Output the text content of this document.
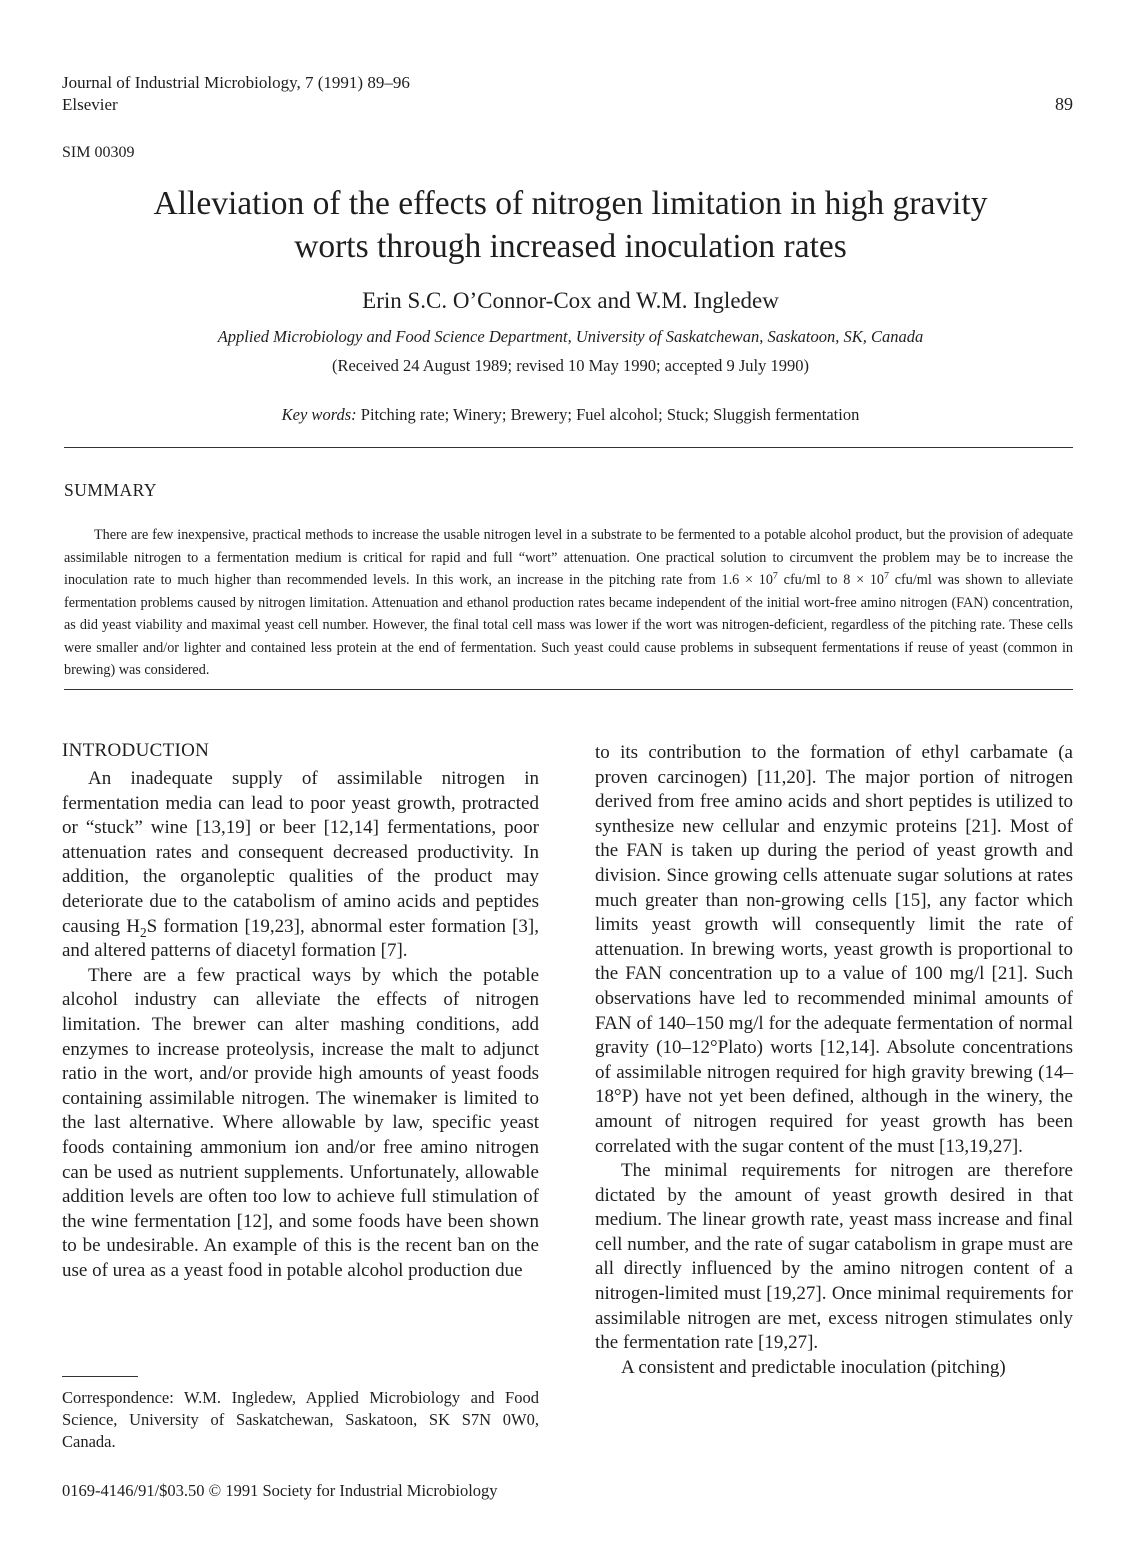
Journal of Industrial Microbiology, 7 (1991) 89–96
Elsevier	89
SIM 00309
Alleviation of the effects of nitrogen limitation in high gravity
worts through increased inoculation rates
Erin S.C. O’Connor-Cox and W.M. Ingledew
Applied Microbiology and Food Science Department, University of Saskatchewan, Saskatoon, SK, Canada
(Received 24 August 1989; revised 10 May 1990; accepted 9 July 1990)
Key words: Pitching rate; Winery; Brewery; Fuel alcohol; Stuck; Sluggish fermentation
SUMMARY

There are few inexpensive, practical methods to increase the usable nitrogen level in a substrate to be fermented to a potable alcohol product, but the provision of adequate assimilable nitrogen to a fermentation medium is critical for rapid and full “wort” attenuation. One practical solution to circumvent the problem may be to increase the inoculation rate to much higher than recommended levels. In this work, an increase in the pitching rate from $1.6 \times 10^7$ cfu/ml to $8 \times 10^7$ cfu/ml was shown to alleviate fermentation problems caused by nitrogen limitation. Attenuation and ethanol production rates became independent of the initial wort-free amino nitrogen (FAN) concentration, as did yeast viability and maximal yeast cell number. However, the final total cell mass was lower if the wort was nitrogen-deficient, regardless of the pitching rate. These cells were smaller and/or lighter and contained less protein at the end of fermentation. Such yeast could cause problems in subsequent fermentations if reuse of yeast (common in brewing) was considered.

INTRODUCTION

An inadequate supply of assimilable nitrogen in fermentation media can lead to poor yeast growth, protracted or “stuck” wine [13,19] or beer [12,14] fermentations, poor attenuation rates and consequent decreased productivity. In addition, the organoleptic qualities of the product may deteriorate due to the catabolism of amino acids and peptides causing $H_2S$ formation [19,23], abnormal ester formation [3], and altered patterns of diacetyl formation [7].

There are a few practical ways by which the potable alcohol industry can alleviate the effects of nitrogen limitation. The brewer can alter mashing conditions, add enzymes to increase proteolysis, increase the malt to adjunct ratio in the wort, and/or provide high amounts of yeast foods containing assimilable nitrogen. The winemaker is limited to the last alternative. Where allowable by law, specific yeast foods containing ammonium ion and/or free amino nitrogen can be used as nutrient supplements. Unfortunately, allowable addition levels are often too low to achieve full stimulation of the wine fermentation [12], and some foods have been shown to be undesirable. An example of this is the recent ban on the use of urea as a yeast food in potable alcohol production due

to its contribution to the formation of ethyl carbamate (a proven carcinogen) [11,20]. The major portion of nitrogen derived from free amino acids and short peptides is utilized to synthesize new cellular and enzymic proteins [21]. Most of the FAN is taken up during the period of yeast growth and division. Since growing cells attenuate sugar solutions at rates much greater than non-growing cells [15], any factor which limits yeast growth will consequently limit the rate of attenuation. In brewing worts, yeast growth is proportional to the FAN concentration up to a value of 100 mg/l [21]. Such observations have led to recommended minimal amounts of FAN of 140–150 mg/l for the adequate fermentation of normal gravity (10–12°Plato) worts [12,14]. Absolute concentrations of assimilable nitrogen required for high gravity brewing (14–18°P) have not yet been defined, although in the winery, the amount of nitrogen required for yeast growth has been correlated with the sugar content of the must [13,19,27].

The minimal requirements for nitrogen are therefore dictated by the amount of yeast growth desired in that medium. The linear growth rate, yeast mass increase and final cell number, and the rate of sugar catabolism in grape must are all directly influenced by the amino nitrogen content of a nitrogen-limited must [19,27]. Once minimal requirements for assimilable nitrogen are met, excess nitrogen stimulates only the fermentation rate [19,27].

A consistent and predictable inoculation (pitching)

Correspondence: W.M. Ingledew, Applied Microbiology and Food Science, University of Saskatchewan, Saskatoon, SK S7N 0W0, Canada.
0169-4146/91/$03.50 © 1991 Society for Industrial Microbiology
